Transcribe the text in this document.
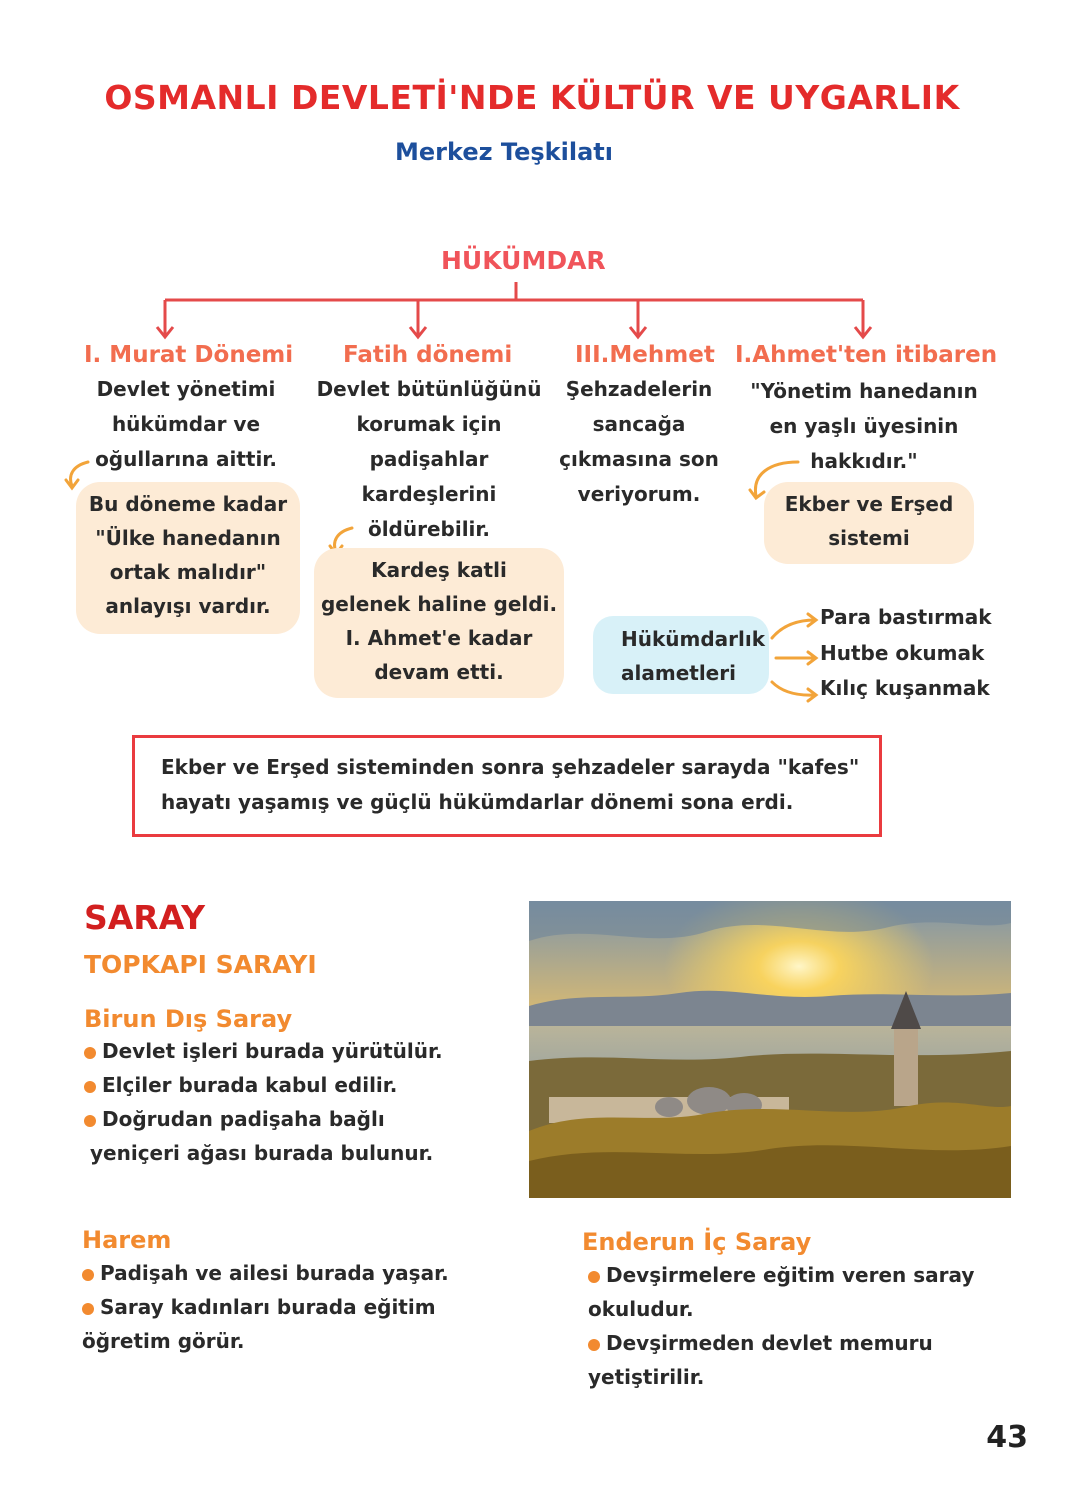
OSMANLI DEVLETİ'NDE KÜLTÜR VE UYGARLIK
Merkez Teşkilatı
HÜKÜMDAR
I. Murat Dönemi
Devlet yönetimi
hükümdar ve
oğullarına aittir.
Bu döneme kadar
"Ülke hanedanın
ortak malıdır"
anlayışı vardır.
Fatih dönemi
Devlet bütünlüğünü
korumak için
padişahlar
kardeşlerini
öldürebilir.
Kardeş katli
gelenek haline geldi.
I. Ahmet'e kadar
devam etti.
III.Mehmet
Şehzadelerin
sancağa
çıkmasına son
veriyorum.
I.Ahmet'ten itibaren
"Yönetim hanedanın
en yaşlı üyesinin
hakkıdır."
Ekber ve Erşed
sistemi
Hükümdarlık
alametleri
Para bastırmak
Hutbe okumak
Kılıç kuşanmak
Ekber ve Erşed sisteminden sonra şehzadeler sarayda "kafes"
hayatı yaşamış ve güçlü hükümdarlar dönemi sona erdi.
SARAY
TOPKAPI SARAYI
Birun Dış Saray
Devlet işleri burada yürütülür.
Elçiler burada kabul edilir.
Doğrudan padişaha bağlı
yeniçeri ağası burada bulunur.
Harem
Padişah ve ailesi burada yaşar.
Saray kadınları burada eğitim
öğretim görür.
Enderun İç Saray
Devşirmelere eğitim veren saray
okuludur.
Devşirmeden devlet memuru
yetiştirilir.
43
